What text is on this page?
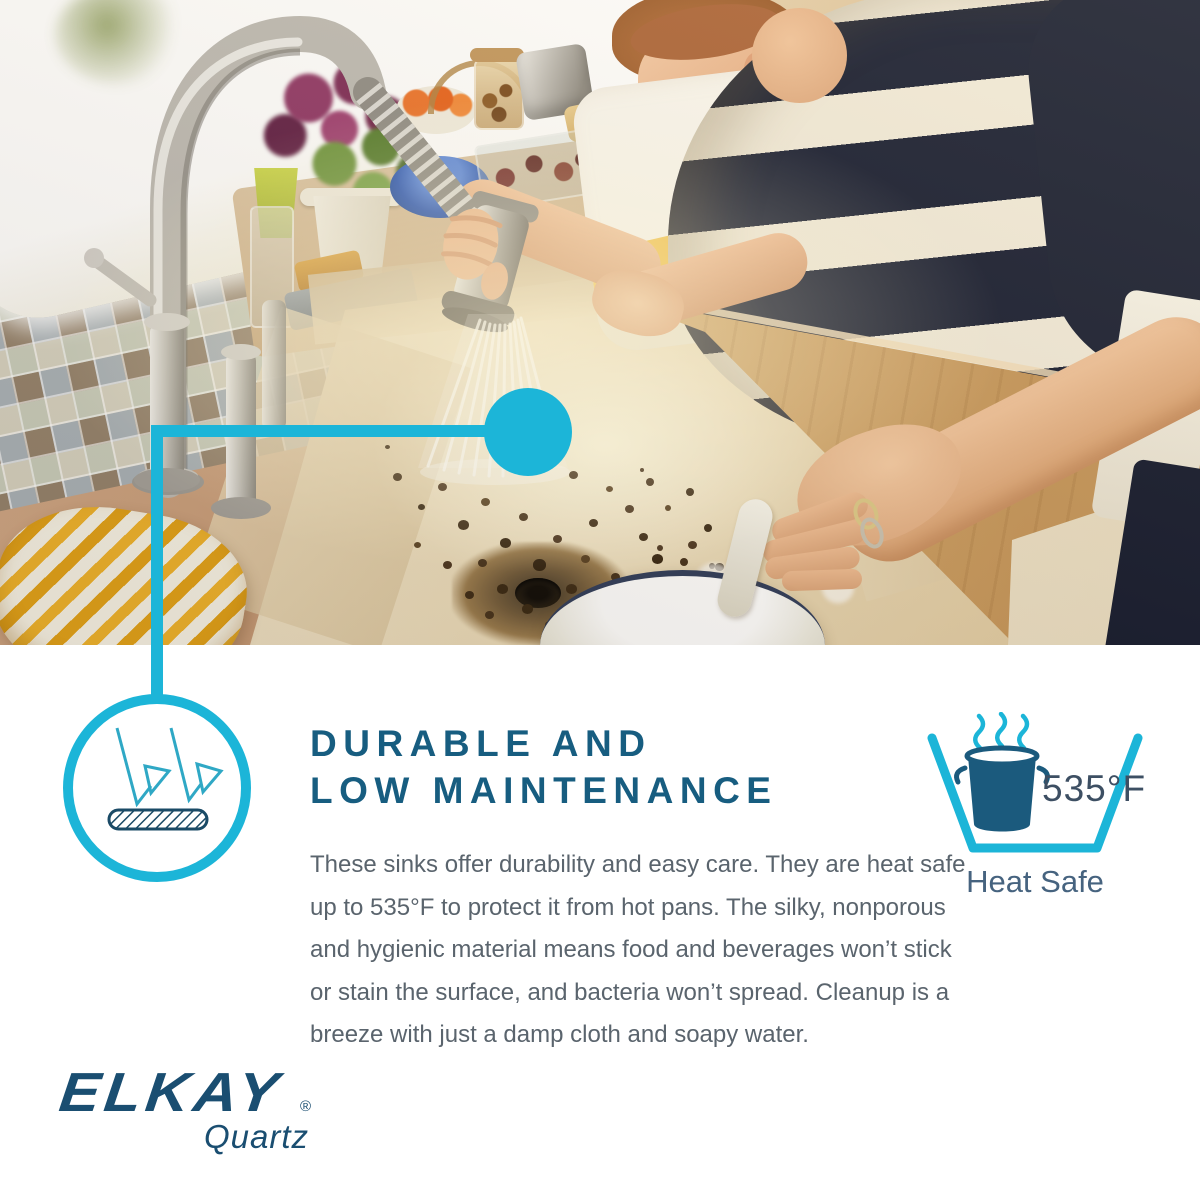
DURABLE AND
LOW MAINTENANCE
These sinks offer durability and easy care. They are heat safe up to 535°F to protect it from hot pans. The silky, nonporous and hygienic material means food and beverages won’t stick or stain the surface, and bacteria won’t spread. Cleanup is a breeze with just a damp cloth and soapy water.
535°F
Heat Safe
ELKAY ®
Quartz
